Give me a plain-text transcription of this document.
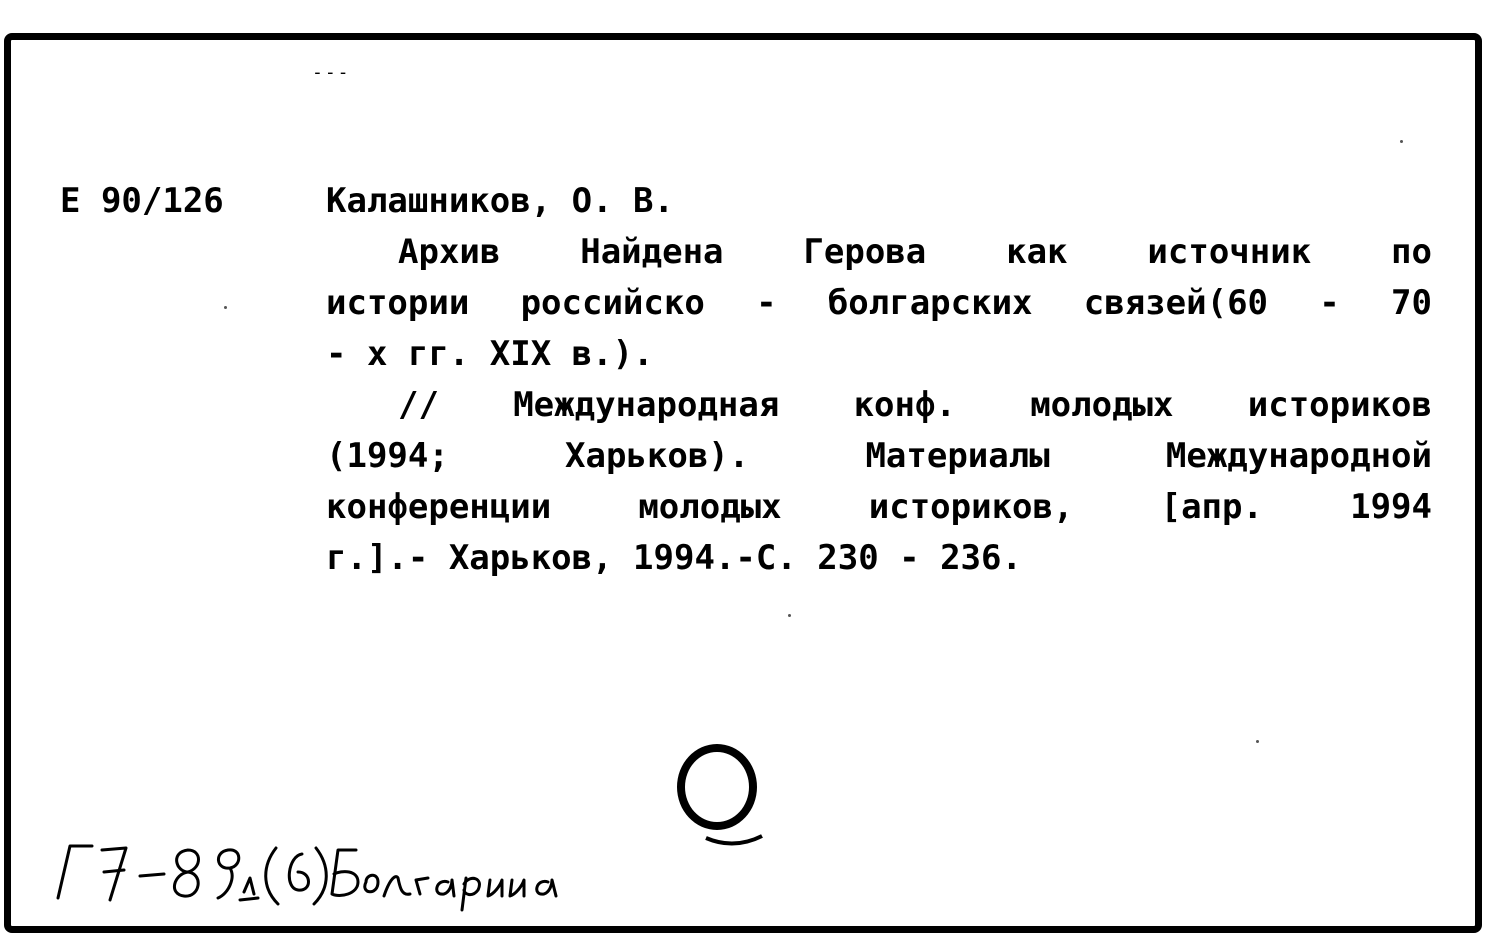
---
Е 90/126	Калашников, О. В.
Архив Найдена Герова как источник по
истории российско - болгарских связей(60 - 70
- х гг. XIX в.).
// Международная конф. молодых историков
(1994; Харьков). Материалы Международной
конференции молодых историков, [апр. 1994
г.].- Харьков, 1994.-С. 230 - 236.
